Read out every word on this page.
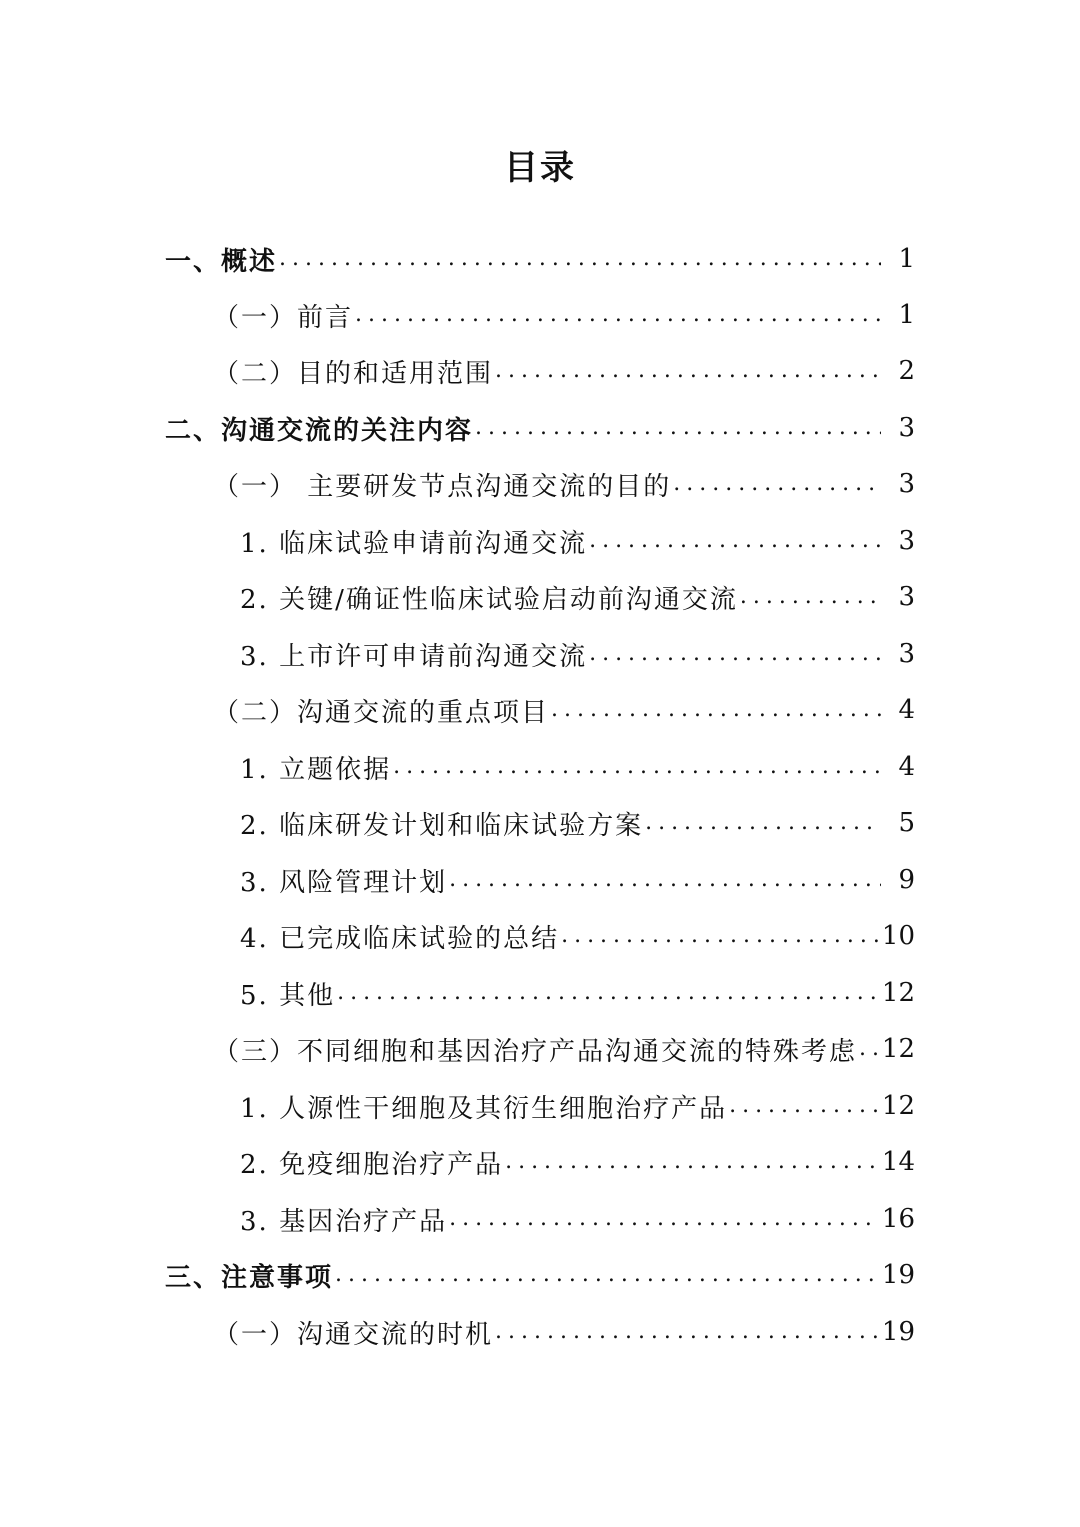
目录
一、概述 .....	1
（一）前言 .....	1
（二）目的和适用范围 .....	2
二、沟通交流的关注内容 .....	3
（一） 主要研发节点沟通交流的目的 .....	3
1. 临床试验申请前沟通交流 .....	3
2. 关键/确证性临床试验启动前沟通交流 .....	3
3. 上市许可申请前沟通交流 .....	3
（二）沟通交流的重点项目 .....	4
1. 立题依据 .....	4
2. 临床研发计划和临床试验方案 .....	5
3. 风险管理计划 .....	9
4. 已完成临床试验的总结 .....	10
5. 其他 .....	12
（三）不同细胞和基因治疗产品沟通交流的特殊考虑 ..... 12
1. 人源性干细胞及其衍生细胞治疗产品 .....	12
2. 免疫细胞治疗产品 .....	14
3. 基因治疗产品 .....	16
三、注意事项 .....	19
（一）沟通交流的时机 .....	19
